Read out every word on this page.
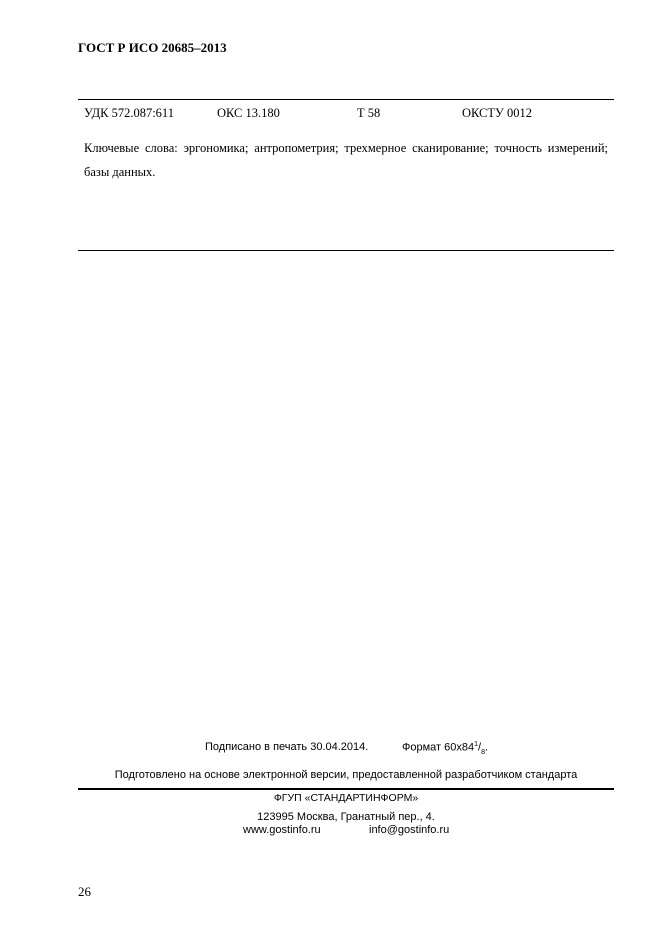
ГОСТ Р ИСО 20685–2013
УДК 572.087:611	ОКС 13.180	Т 58	ОКСТУ 0012
Ключевые слова: эргономика; антропометрия; трехмерное сканирование; точность измерений; базы данных.
Подписано в печать 30.04.2014.	Формат $60x84^1/_8$.
Подготовлено на основе электронной версии, предоставленной разработчиком стандарта
ФГУП «СТАНДАРТИНФОРМ»
123995 Москва, Гранатный пер., 4.
www.gostinfo.ru	info@gostinfo.ru
26
